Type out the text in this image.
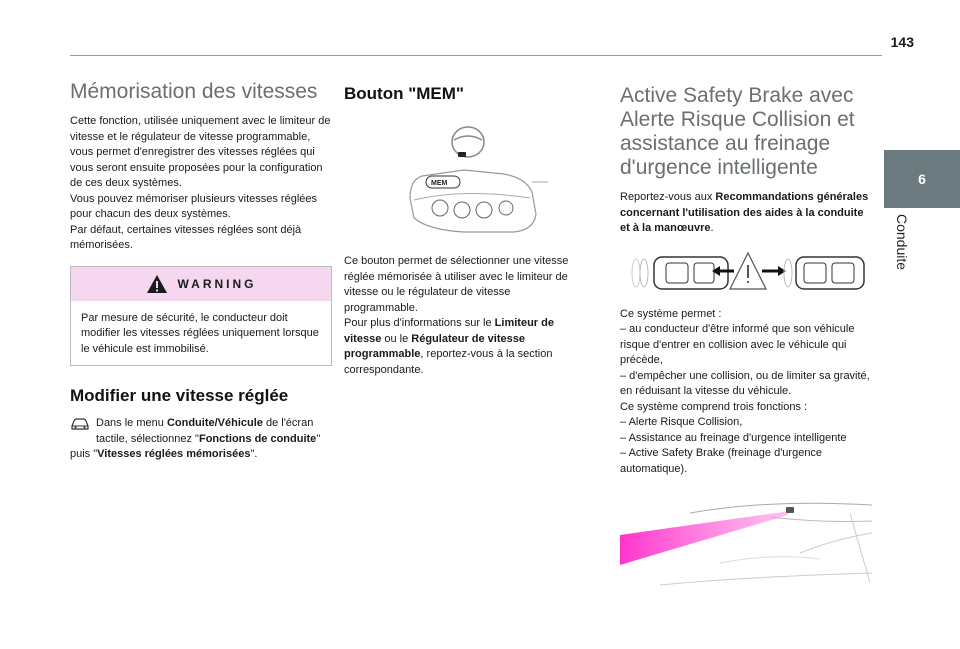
143
6
Conduite
Mémorisation des vitesses

Cette fonction, utilisée uniquement avec le limiteur de vitesse et le régulateur de vitesse programmable, vous permet d'enregistrer des vitesses réglées qui vous seront ensuite proposées pour la configuration de ces deux systèmes.

Vous pouvez mémoriser plusieurs vitesses réglées pour chacun des deux systèmes.

Par défaut, certaines vitesses réglées sont déjà mémorisées.

WARNING

Par mesure de sécurité, le conducteur doit modifier les vitesses réglées uniquement lorsque le véhicule est immobilisé.

Modifier une vitesse réglée

Dans le menu Conduite/Véhicule de l'écran tactile, sélectionnez "Fonctions de conduite" puis "Vitesses réglées mémorisées".

Bouton "MEM"
MEM

Ce bouton permet de sélectionner une vitesse réglée mémorisée à utiliser avec le limiteur de vitesse ou le régulateur de vitesse programmable.

Pour plus d'informations sur le Limiteur de vitesse ou le Régulateur de vitesse programmable, reportez-vous à la section correspondante.

Active Safety Brake avec Alerte Risque Collision et assistance au freinage d'urgence intelligente

Reportez-vous aux Recommandations générales concernant l'utilisation des aides à la conduite et à la manœuvre.

Ce système permet :

– au conducteur d'être informé que son véhicule risque d'entrer en collision avec le véhicule qui précède,

– d'empêcher une collision, ou de limiter sa gravité, en réduisant la vitesse du véhicule.

Ce système comprend trois fonctions :

– Alerte Risque Collision,

– Assistance au freinage d'urgence intelligente

– Active Safety Brake (freinage d'urgence automatique).
